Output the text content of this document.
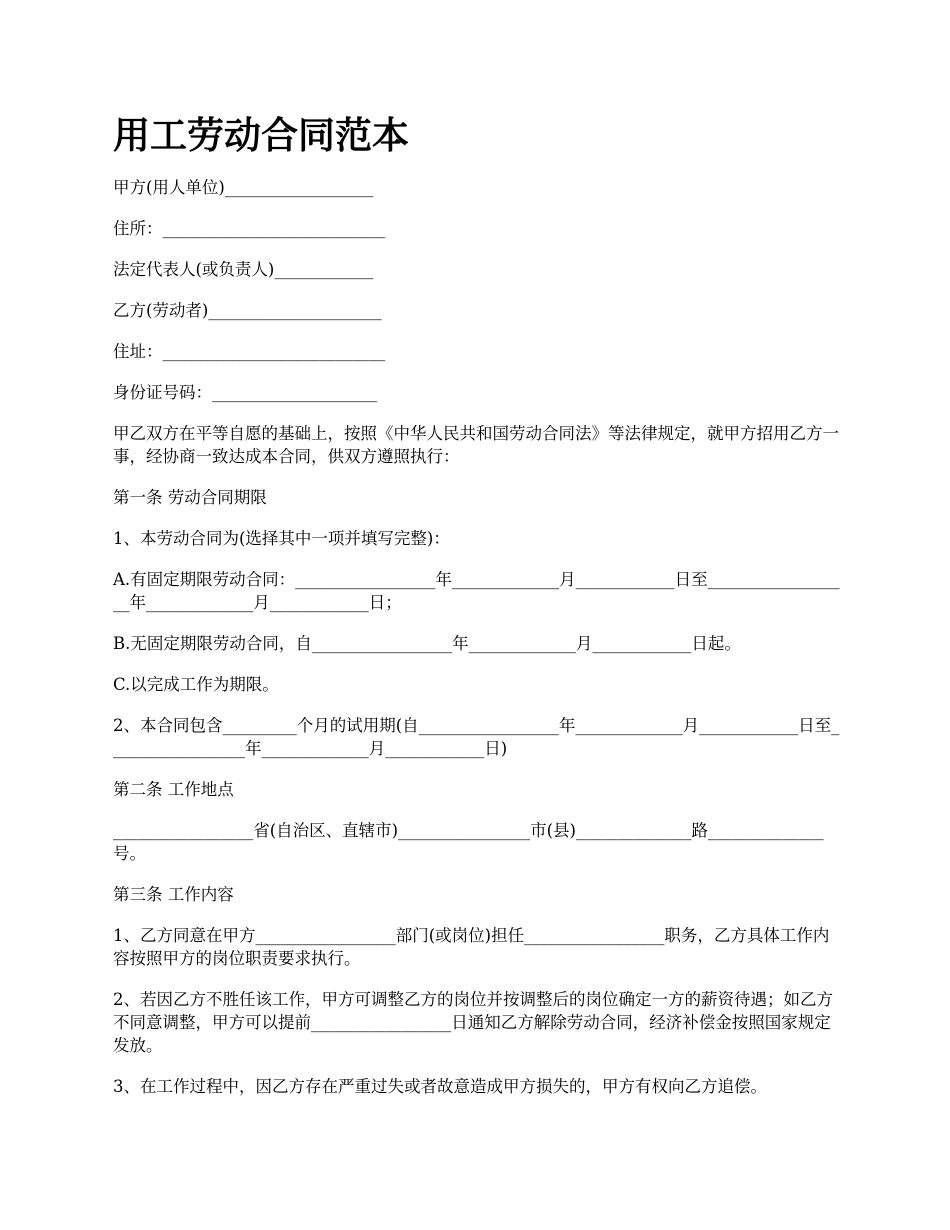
用工劳动合同范本

甲方(用人单位)__________________

住所：___________________________

法定代表人(或负责人)____________

乙方(劳动者)_____________________

住址：___________________________

身份证号码：____________________

甲乙双方在平等自愿的基础上，按照《中华人民共和国劳动合同法》等法律规定，就甲方招用乙方一事，经协商一致达成本合同，供双方遵照执行：

第一条 劳动合同期限

1、本劳动合同为(选择其中一项并填写完整)：

A.有固定期限劳动合同：_________________年_____________月____________日至__________________年_____________月____________日；

B.无固定期限劳动合同，自_________________年_____________月____________日起。

C.以完成工作为期限。

2、本合同包含_________个月的试用期(自_________________年_____________月____________日至_________________年_____________月____________日)

第二条 工作地点

_________________省(自治区、直辖市)________________市(县)______________路______________号。

第三条 工作内容

1、乙方同意在甲方_________________部门(或岗位)担任_________________职务，乙方具体工作内容按照甲方的岗位职责要求执行。

2、若因乙方不胜任该工作，甲方可调整乙方的岗位并按调整后的岗位确定一方的薪资待遇；如乙方不同意调整，甲方可以提前_________________日通知乙方解除劳动合同，经济补偿金按照国家规定发放。

3、在工作过程中，因乙方存在严重过失或者故意造成甲方损失的，甲方有权向乙方追偿。
